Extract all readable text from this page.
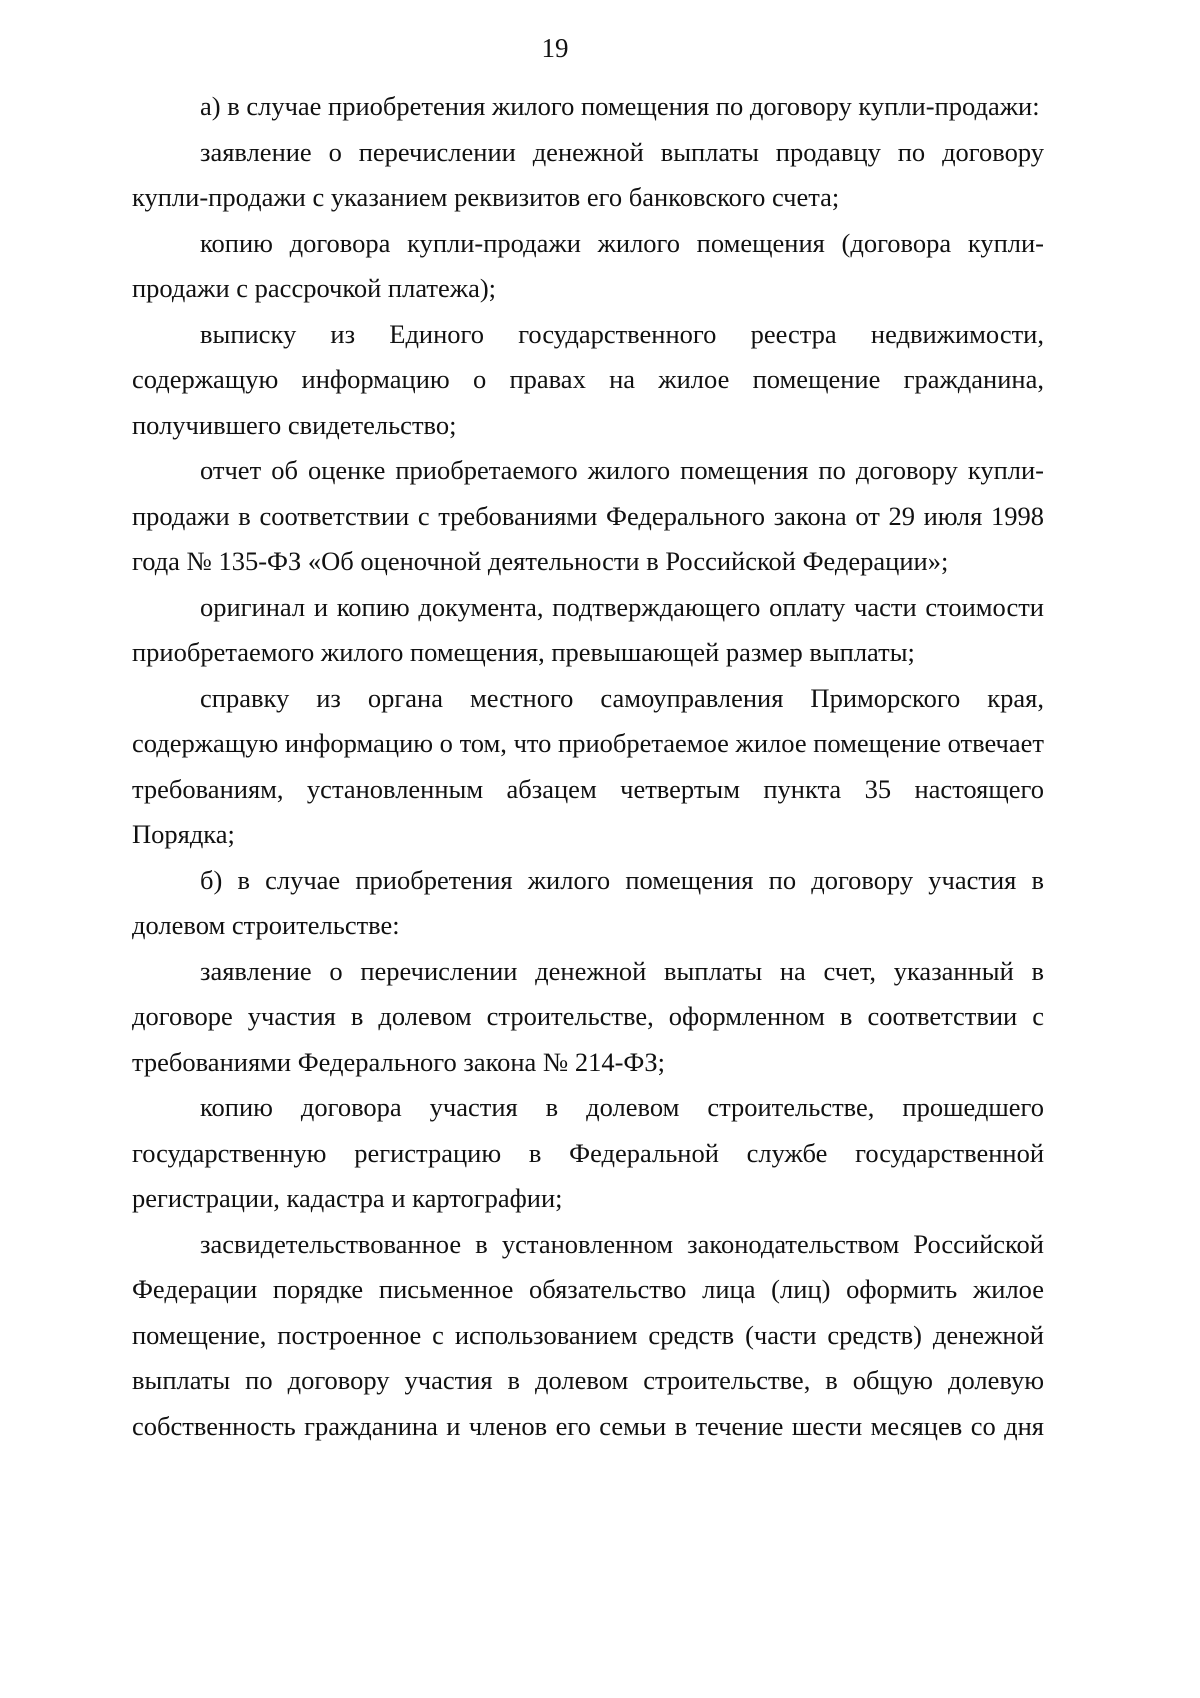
19

а) в случае приобретения жилого помещения по договору купли-продажи:

заявление о перечислении денежной выплаты продавцу по договору купли-продажи с указанием реквизитов его банковского счета;

копию договора купли-продажи жилого помещения (договора купли-продажи с рассрочкой платежа);

выписку из Единого государственного реестра недвижимости, содержащую информацию о правах на жилое помещение гражданина, получившего свидетельство;

отчет об оценке приобретаемого жилого помещения по договору купли-продажи в соответствии с требованиями Федерального закона от 29 июля 1998 года № 135-ФЗ «Об оценочной деятельности в Российской Федерации»;

оригинал и копию документа, подтверждающего оплату части стоимости приобретаемого жилого помещения, превышающей размер выплаты;

справку из органа местного самоуправления Приморского края, содержащую информацию о том, что приобретаемое жилое помещение отвечает требованиям, установленным абзацем четвертым пункта 35 настоящего Порядка;

б) в случае приобретения жилого помещения по договору участия в долевом строительстве:

заявление о перечислении денежной выплаты на счет, указанный в договоре участия в долевом строительстве, оформленном в соответствии с требованиями Федерального закона № 214-ФЗ;

копию договора участия в долевом строительстве, прошедшего государственную регистрацию в Федеральной службе государственной регистрации, кадастра и картографии;

засвидетельствованное в установленном законодательством Российской Федерации порядке письменное обязательство лица (лиц) оформить жилое помещение, построенное с использованием средств (части средств) денежной выплаты по договору участия в долевом строительстве, в общую долевую собственность гражданина и членов его семьи в течение шести месяцев со дня
